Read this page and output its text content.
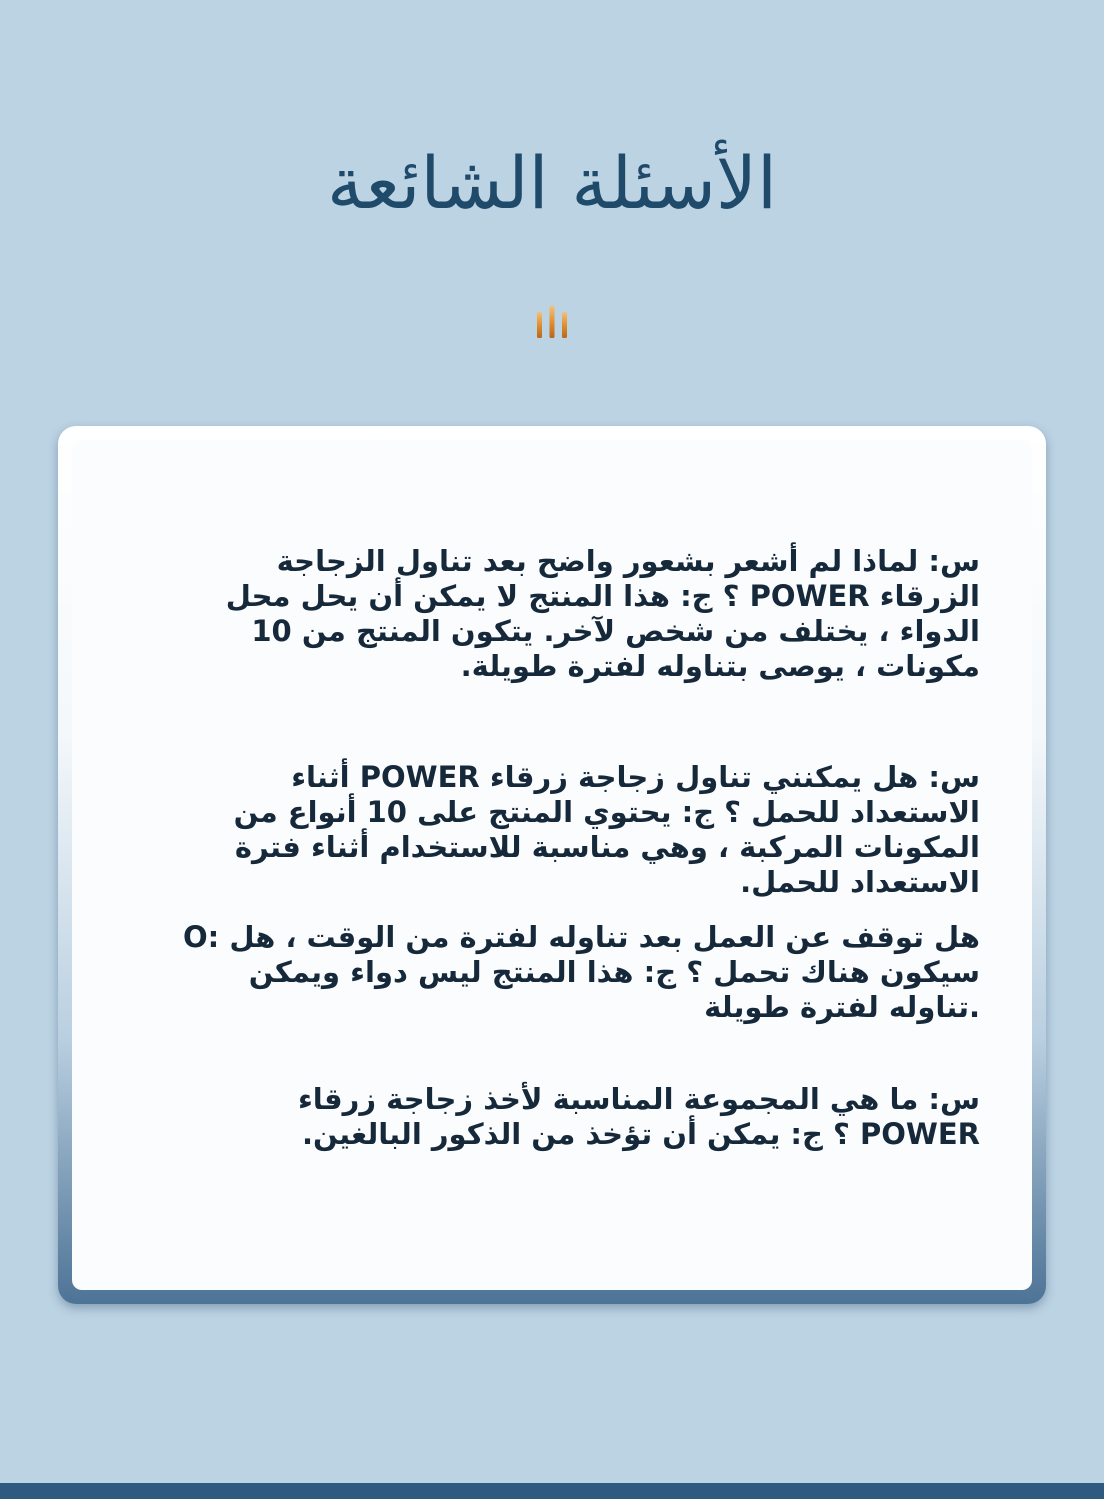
الأسئلة الشائعة

س: لماذا لم أشعر بشعور واضح بعد تناول الزجاجة الزرقاء POWER ؟ ج: هذا المنتج لا يمكن أن يحل محل الدواء ، يختلف من شخص لآخر. يتكون المنتج من 10 مكونات ، يوصى بتناوله لفترة طويلة.

س: هل يمكنني تناول زجاجة زرقاء POWER أثناء الاستعداد للحمل ؟ ج: يحتوي المنتج على 10 أنواع من المكونات المركبة ، وهي مناسبة للاستخدام أثناء فترة الاستعداد للحمل.

O: هل توقف عن العمل بعد تناوله لفترة من الوقت ، هل سيكون هناك تحمل ؟ ج: هذا المنتج ليس دواء ويمكن تناوله لفترة طويلة.

س: ما هي المجموعة المناسبة لأخذ زجاجة زرقاء POWER ؟ ج: يمكن أن تؤخذ من الذكور البالغين.
